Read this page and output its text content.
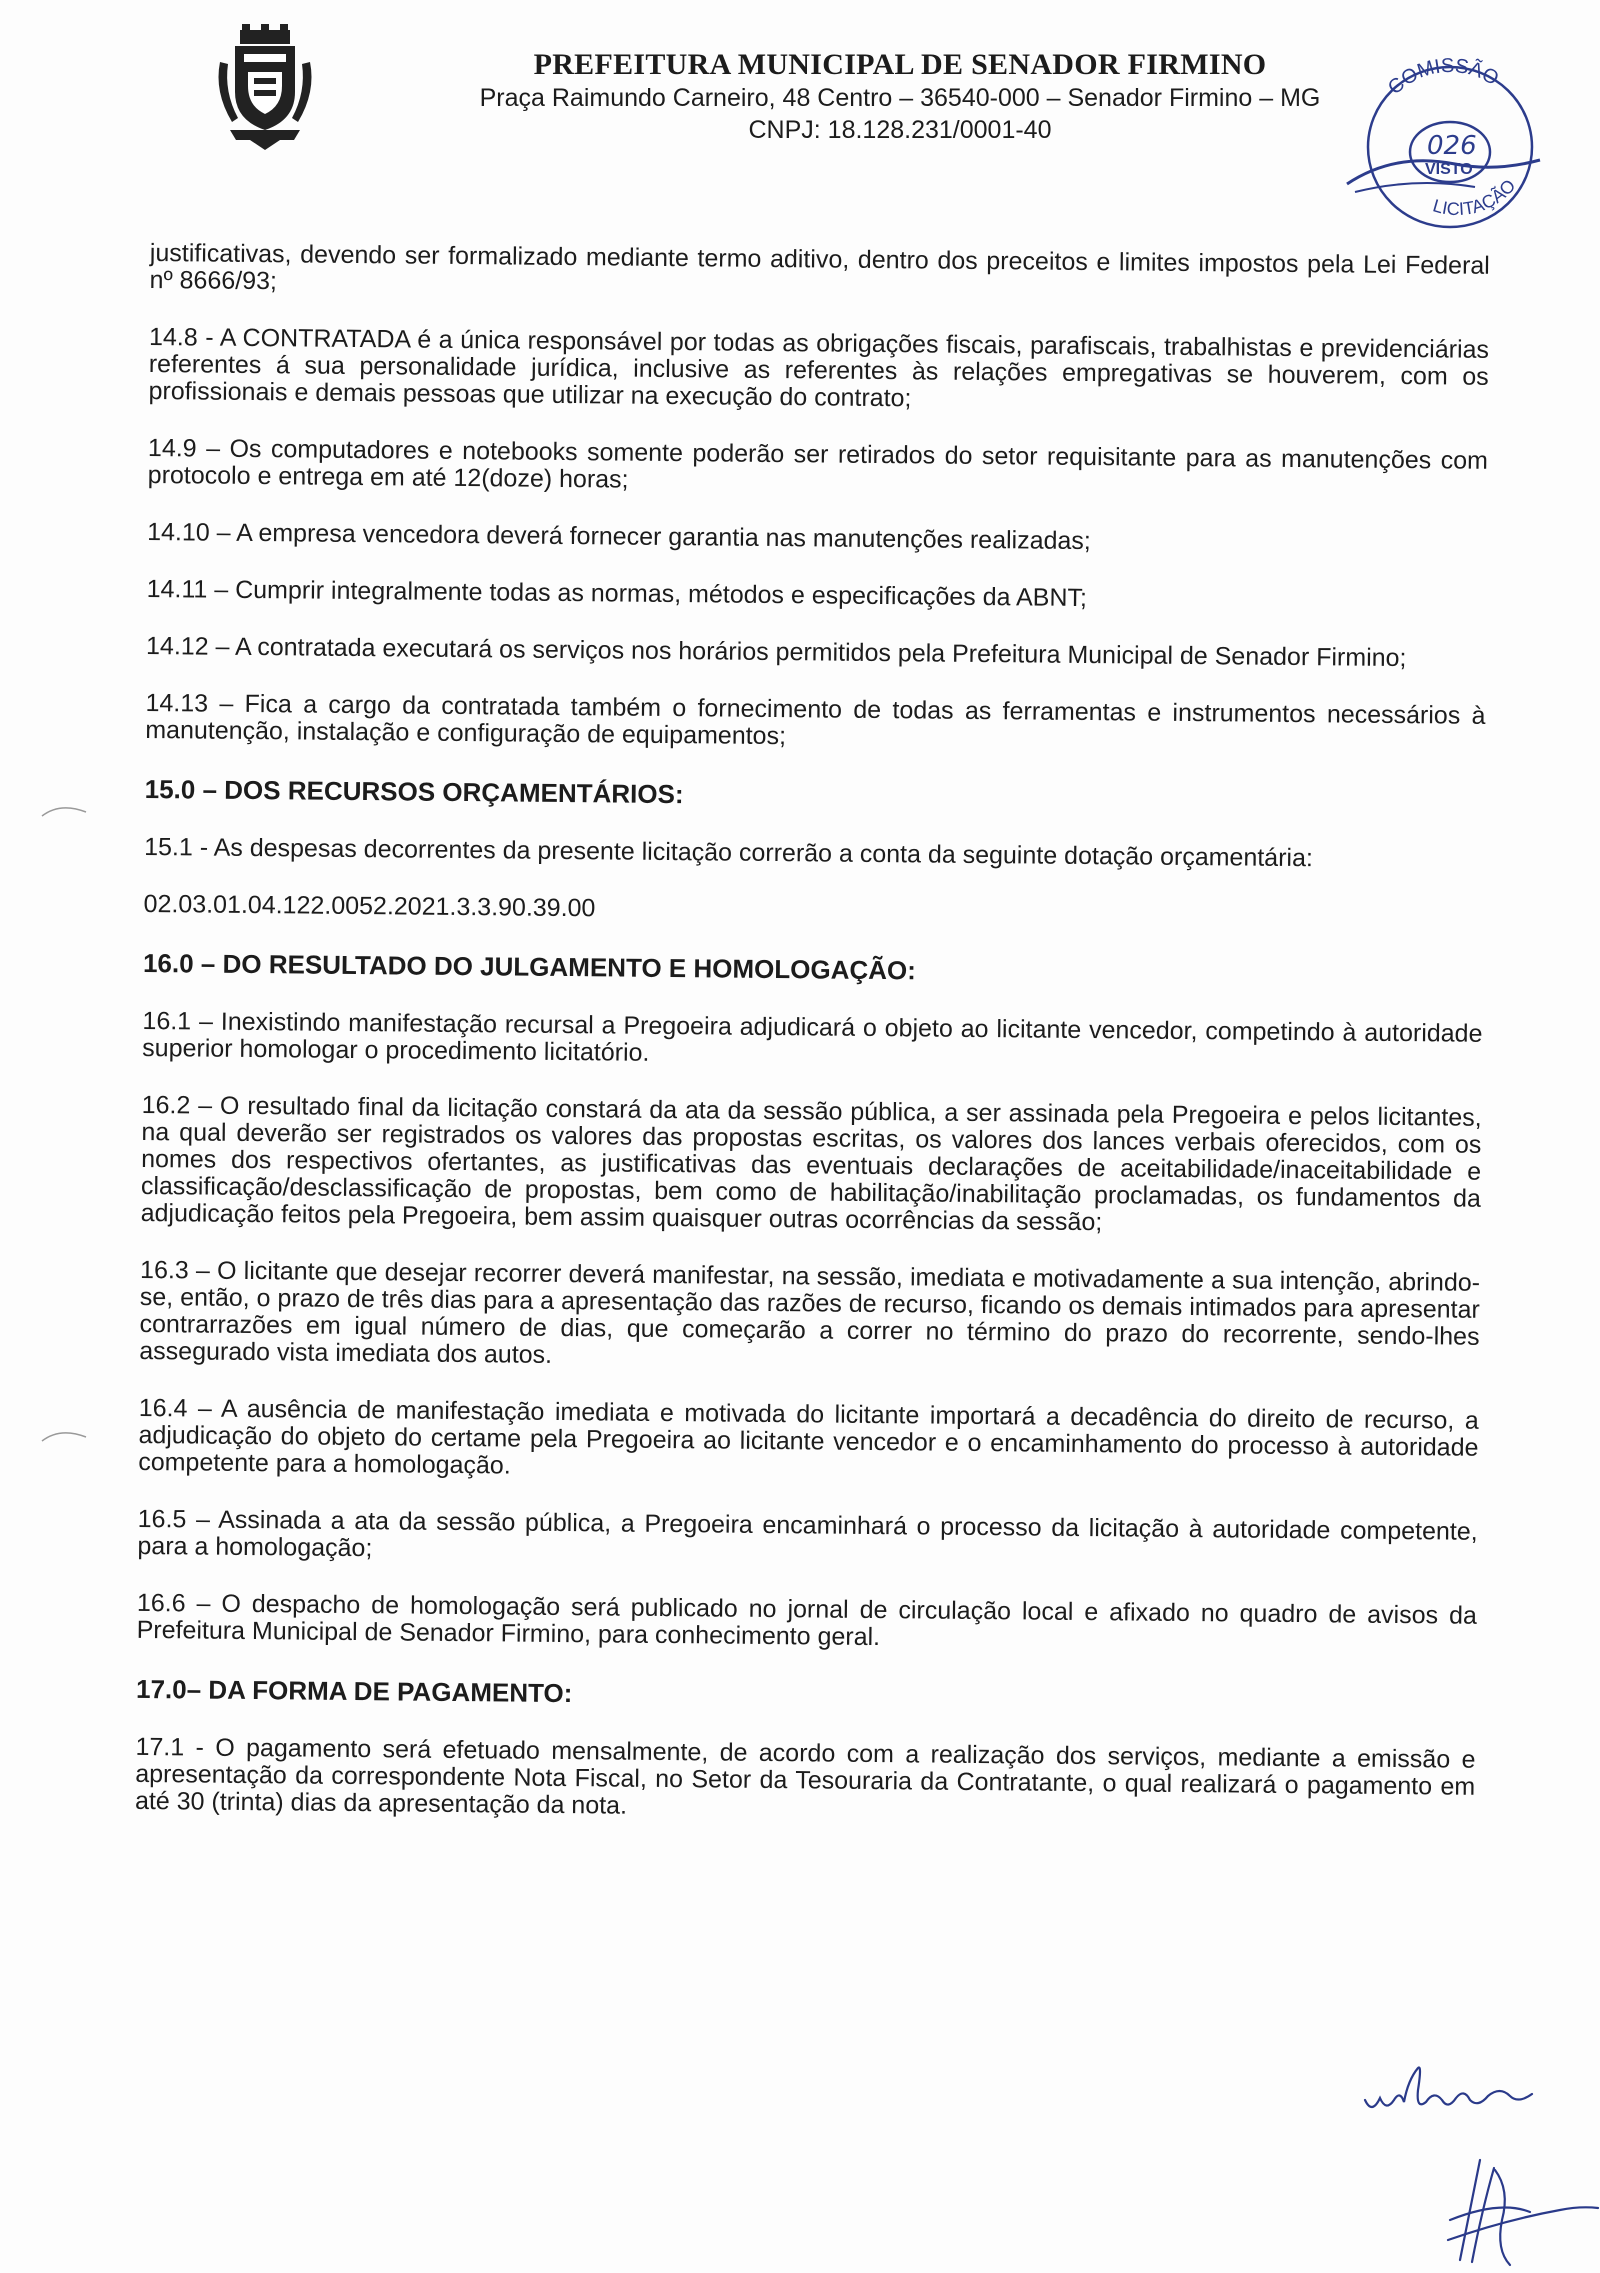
PREFEITURA MUNICIPAL DE SENADOR FIRMINO
Praça Raimundo Carneiro, 48 Centro – 36540-000 – Senador Firmino – MG
CNPJ: 18.128.231/0001-40
COMISSÃO
026
VISTO
LICITAÇÃO

justificativas, devendo ser formalizado mediante termo aditivo, dentro dos preceitos e limites impostos pela Lei Federal nº 8666/93;

14.8 - A CONTRATADA é a única responsável por todas as obrigações fiscais, parafiscais, trabalhistas e previdenciárias referentes á sua personalidade jurídica, inclusive as referentes às relações empregativas se houverem, com os profissionais e demais pessoas que utilizar na execução do contrato;

14.9 – Os computadores e notebooks somente poderão ser retirados do setor requisitante para as manutenções com protocolo e entrega em até 12(doze) horas;

14.10 – A empresa vencedora deverá fornecer garantia nas manutenções realizadas;

14.11 – Cumprir integralmente todas as normas, métodos e especificações da ABNT;

14.12 – A contratada executará os serviços nos horários permitidos pela Prefeitura Municipal de Senador Firmino;

14.13 – Fica a cargo da contratada também o fornecimento de todas as ferramentas e instrumentos necessários à manutenção, instalação e configuração de equipamentos;

15.0 – DOS RECURSOS ORÇAMENTÁRIOS:

15.1 - As despesas decorrentes da presente licitação correrão a conta da seguinte dotação orçamentária:

02.03.01.04.122.0052.2021.3.3.90.39.00

16.0 – DO RESULTADO DO JULGAMENTO E HOMOLOGAÇÃO:

16.1 – Inexistindo manifestação recursal a Pregoeira adjudicará o objeto ao licitante vencedor, competindo à autoridade superior homologar o procedimento licitatório.

16.2 – O resultado final da licitação constará da ata da sessão pública, a ser assinada pela Pregoeira e pelos licitantes, na qual deverão ser registrados os valores das propostas escritas, os valores dos lances verbais oferecidos, com os nomes dos respectivos ofertantes, as justificativas das eventuais declarações de aceitabilidade/inaceitabilidade e classificação/desclassificação de propostas, bem como de habilitação/inabilitação proclamadas, os fundamentos da adjudicação feitos pela Pregoeira, bem assim quaisquer outras ocorrências da sessão;

16.3 – O licitante que desejar recorrer deverá manifestar, na sessão, imediata e motivadamente a sua intenção, abrindo-se, então, o prazo de três dias para a apresentação das razões de recurso, ficando os demais intimados para apresentar contrarrazões em igual número de dias, que começarão a correr no término do prazo do recorrente, sendo-lhes assegurado vista imediata dos autos.

16.4 – A ausência de manifestação imediata e motivada do licitante importará a decadência do direito de recurso, a adjudicação do objeto do certame pela Pregoeira ao licitante vencedor e o encaminhamento do processo à autoridade competente para a homologação.

16.5 – Assinada a ata da sessão pública, a Pregoeira encaminhará o processo da licitação à autoridade competente, para a homologação;

16.6 – O despacho de homologação será publicado no jornal de circulação local e afixado no quadro de avisos da Prefeitura Municipal de Senador Firmino, para conhecimento geral.

17.0– DA FORMA DE PAGAMENTO:

17.1 - O pagamento será efetuado mensalmente, de acordo com a realização dos serviços, mediante a emissão e apresentação da correspondente Nota Fiscal, no Setor da Tesouraria da Contratante, o qual realizará o pagamento em até 30 (trinta) dias da apresentação da nota.
